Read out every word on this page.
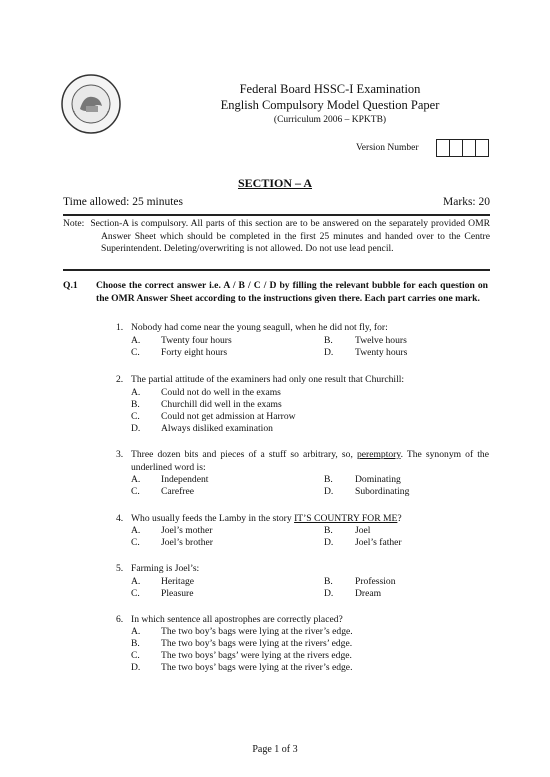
Federal Board HSSC-I Examination
English Compulsory Model Question Paper
(Curriculum 2006 – KPKTB)
Version Number
SECTION – A
Time allowed: 25 minutes	Marks: 20
Note: Section-A is compulsory. All parts of this section are to be answered on the separately provided OMR Answer Sheet which should be completed in the first 25 minutes and handed over to the Centre Superintendent. Deleting/overwriting is not allowed. Do not use lead pencil.
Q.1 Choose the correct answer i.e. A / B / C / D by filling the relevant bubble for each question on the OMR Answer Sheet according to the instructions given there. Each part carries one mark.
1. Nobody had come near the young seagull, when he did not fly, for:
A. Twenty four hours	B. Twelve hours
C. Forty eight hours	D. Twenty hours
2. The partial attitude of the examiners had only one result that Churchill:
A. Could not do well in the exams
B. Churchill did well in the exams
C. Could not get admission at Harrow
D. Always disliked examination
3. Three dozen bits and pieces of a stuff so arbitrary, so, peremptory. The synonym of the underlined word is:
A. Independent	B. Dominating
C. Carefree	D. Subordinating
4. Who usually feeds the Lamby in the story IT’S COUNTRY FOR ME?
A. Joel’s mother	B. Joel
C. Joel’s brother	D. Joel’s father
5. Farming is Joel’s:
A. Heritage	B. Profession
C. Pleasure	D. Dream
6. In which sentence all apostrophes are correctly placed?
A. The two boy’s bags were lying at the river’s edge.
B. The two boy’s bags were lying at the rivers’ edge.
C. The two boys’ bags’ were lying at the rivers edge.
D. The two boys’ bags were lying at the river’s edge.
Page 1 of 3
